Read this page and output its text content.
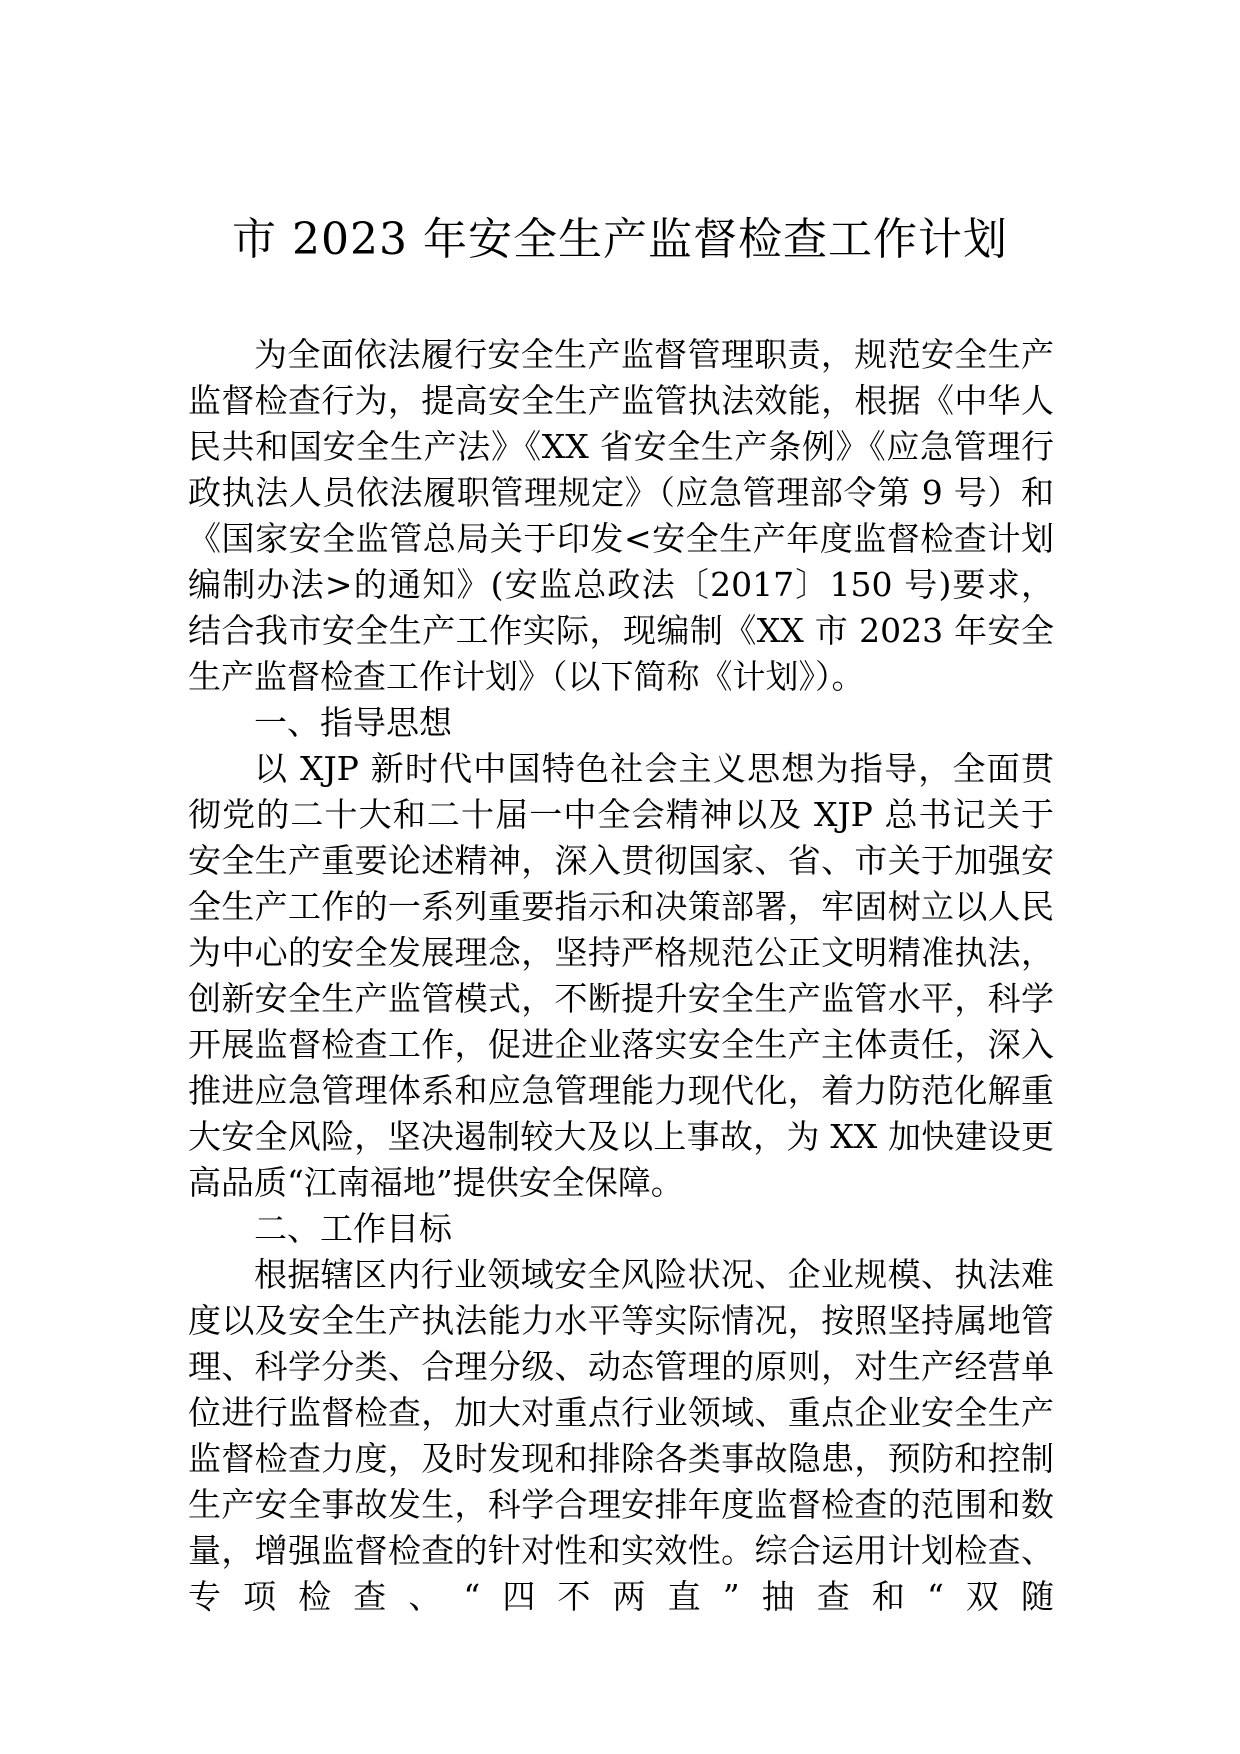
市 2023 年安全生产监督检查工作计划

为全面依法履行安全生产监督管理职责，规范安全生产监督检查行为，提高安全生产监管执法效能，根据《中华人民共和国安全生产法》《XX 省安全生产条例》《应急管理行政执法人员依法履职管理规定》（应急管理部令第 9 号）和《国家安全监管总局关于印发<安全生产年度监督检查计划编制办法>的通知》(安监总政法〔2017〕150 号)要求，结合我市安全生产工作实际，现编制《XX 市 2023 年安全生产监督检查工作计划》（以下简称《计划》）。

一、指导思想

以 XJP 新时代中国特色社会主义思想为指导，全面贯彻党的二十大和二十届一中全会精神以及 XJP 总书记关于安全生产重要论述精神，深入贯彻国家、省、市关于加强安全生产工作的一系列重要指示和决策部署，牢固树立以人民为中心的安全发展理念，坚持严格规范公正文明精准执法，创新安全生产监管模式，不断提升安全生产监管水平，科学开展监督检查工作，促进企业落实安全生产主体责任，深入推进应急管理体系和应急管理能力现代化，着力防范化解重大安全风险，坚决遏制较大及以上事故，为 XX 加快建设更高品质“江南福地”提供安全保障。

二、工作目标

根据辖区内行业领域安全风险状况、企业规模、执法难度以及安全生产执法能力水平等实际情况，按照坚持属地管理、科学分类、合理分级、动态管理的原则，对生产经营单位进行监督检查，加大对重点行业领域、重点企业安全生产监督检查力度，及时发现和排除各类事故隐患，预防和控制生产安全事故发生，科学合理安排年度监督检查的范围和数量，增强监督检查的针对性和实效性。综合运用计划检查、专项检查、“四不两直”抽查和“双随
